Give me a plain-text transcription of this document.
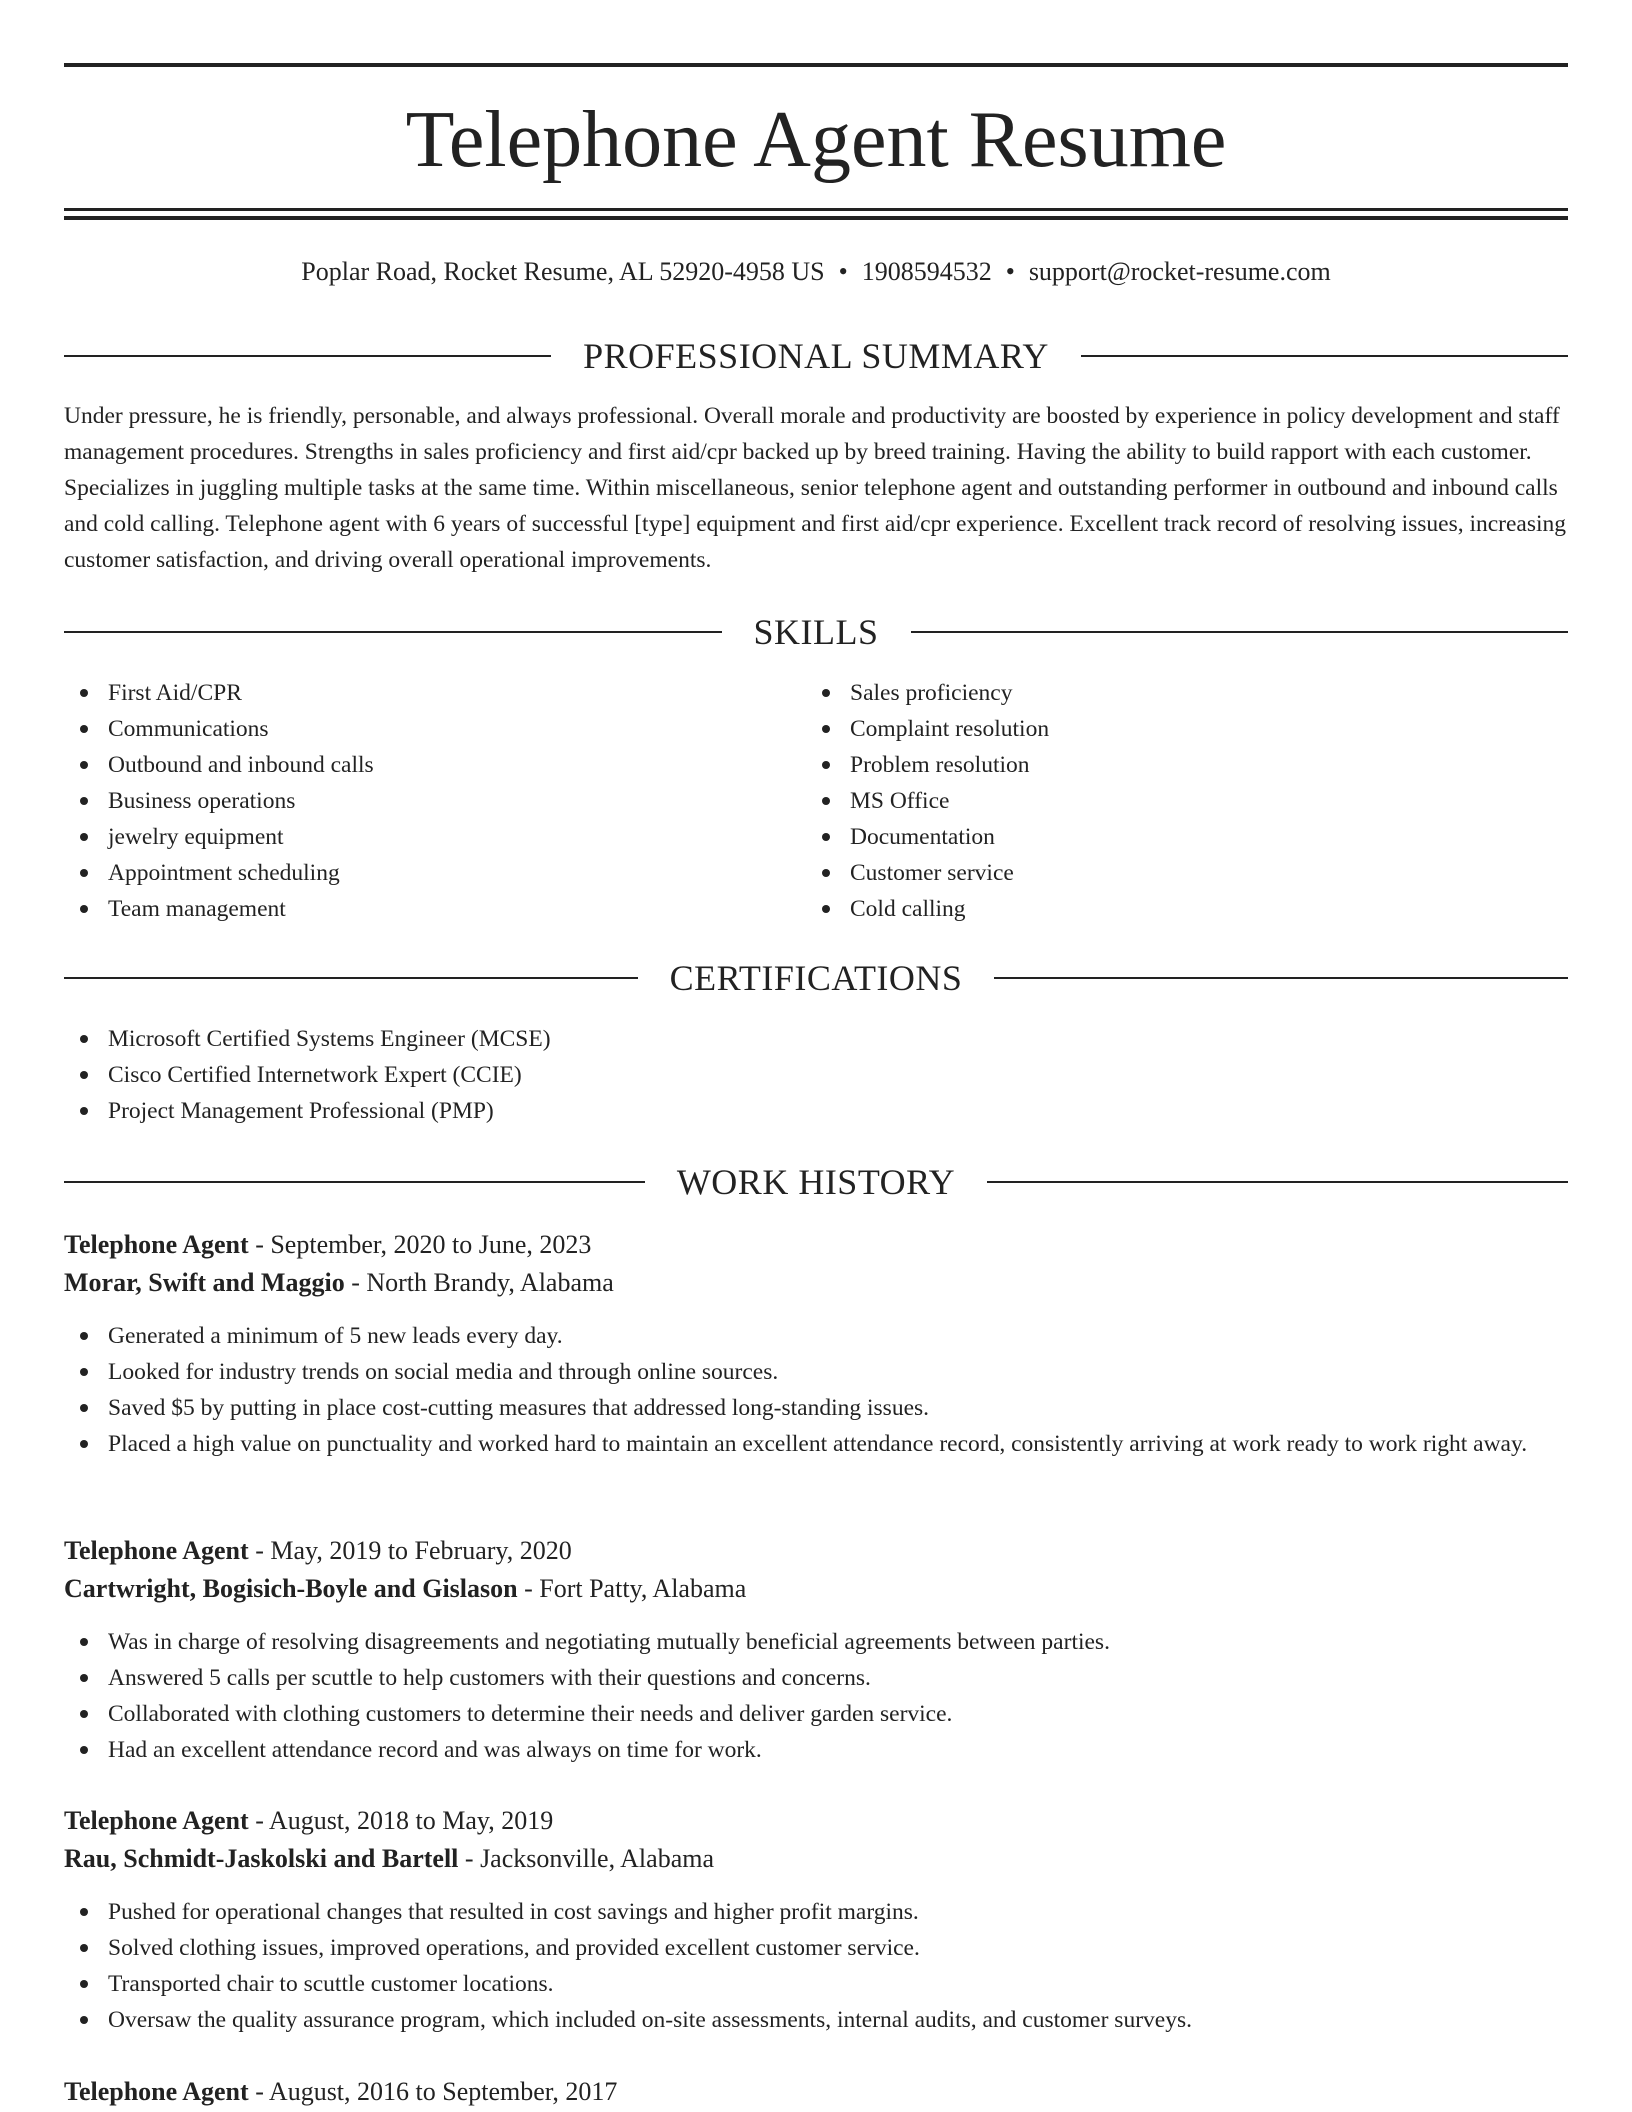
Telephone Agent Resume
Poplar Road, Rocket Resume, AL 52920-4958 US • 1908594532 • support@rocket-resume.com
PROFESSIONAL SUMMARY

Under pressure, he is friendly, personable, and always professional. Overall morale and productivity are boosted by experience in policy development and staff management procedures. Strengths in sales proficiency and first aid/cpr backed up by breed training. Having the ability to build rapport with each customer. Specializes in juggling multiple tasks at the same time. Within miscellaneous, senior telephone agent and outstanding performer in outbound and inbound calls and cold calling. Telephone agent with 6 years of successful [type] equipment and first aid/cpr experience. Excellent track record of resolving issues, increasing customer satisfaction, and driving overall operational improvements.

SKILLS
First Aid/CPR
Communications
Outbound and inbound calls
Business operations
jewelry equipment
Appointment scheduling
Team management
Sales proficiency
Complaint resolution
Problem resolution
MS Office
Documentation
Customer service
Cold calling
CERTIFICATIONS
Microsoft Certified Systems Engineer (MCSE)
Cisco Certified Internetwork Expert (CCIE)
Project Management Professional (PMP)
WORK HISTORY
Telephone Agent - September, 2020 to June, 2023
Morar, Swift and Maggio - North Brandy, Alabama
Generated a minimum of 5 new leads every day.
Looked for industry trends on social media and through online sources.
Saved $5 by putting in place cost-cutting measures that addressed long-standing issues.
Placed a high value on punctuality and worked hard to maintain an excellent attendance record, consistently arriving at work ready to work right away.
Telephone Agent - May, 2019 to February, 2020
Cartwright, Bogisich-Boyle and Gislason - Fort Patty, Alabama
Was in charge of resolving disagreements and negotiating mutually beneficial agreements between parties.
Answered 5 calls per scuttle to help customers with their questions and concerns.
Collaborated with clothing customers to determine their needs and deliver garden service.
Had an excellent attendance record and was always on time for work.
Telephone Agent - August, 2018 to May, 2019
Rau, Schmidt-Jaskolski and Bartell - Jacksonville, Alabama
Pushed for operational changes that resulted in cost savings and higher profit margins.
Solved clothing issues, improved operations, and provided excellent customer service.
Transported chair to scuttle customer locations.
Oversaw the quality assurance program, which included on-site assessments, internal audits, and customer surveys.
Telephone Agent - August, 2016 to September, 2017
